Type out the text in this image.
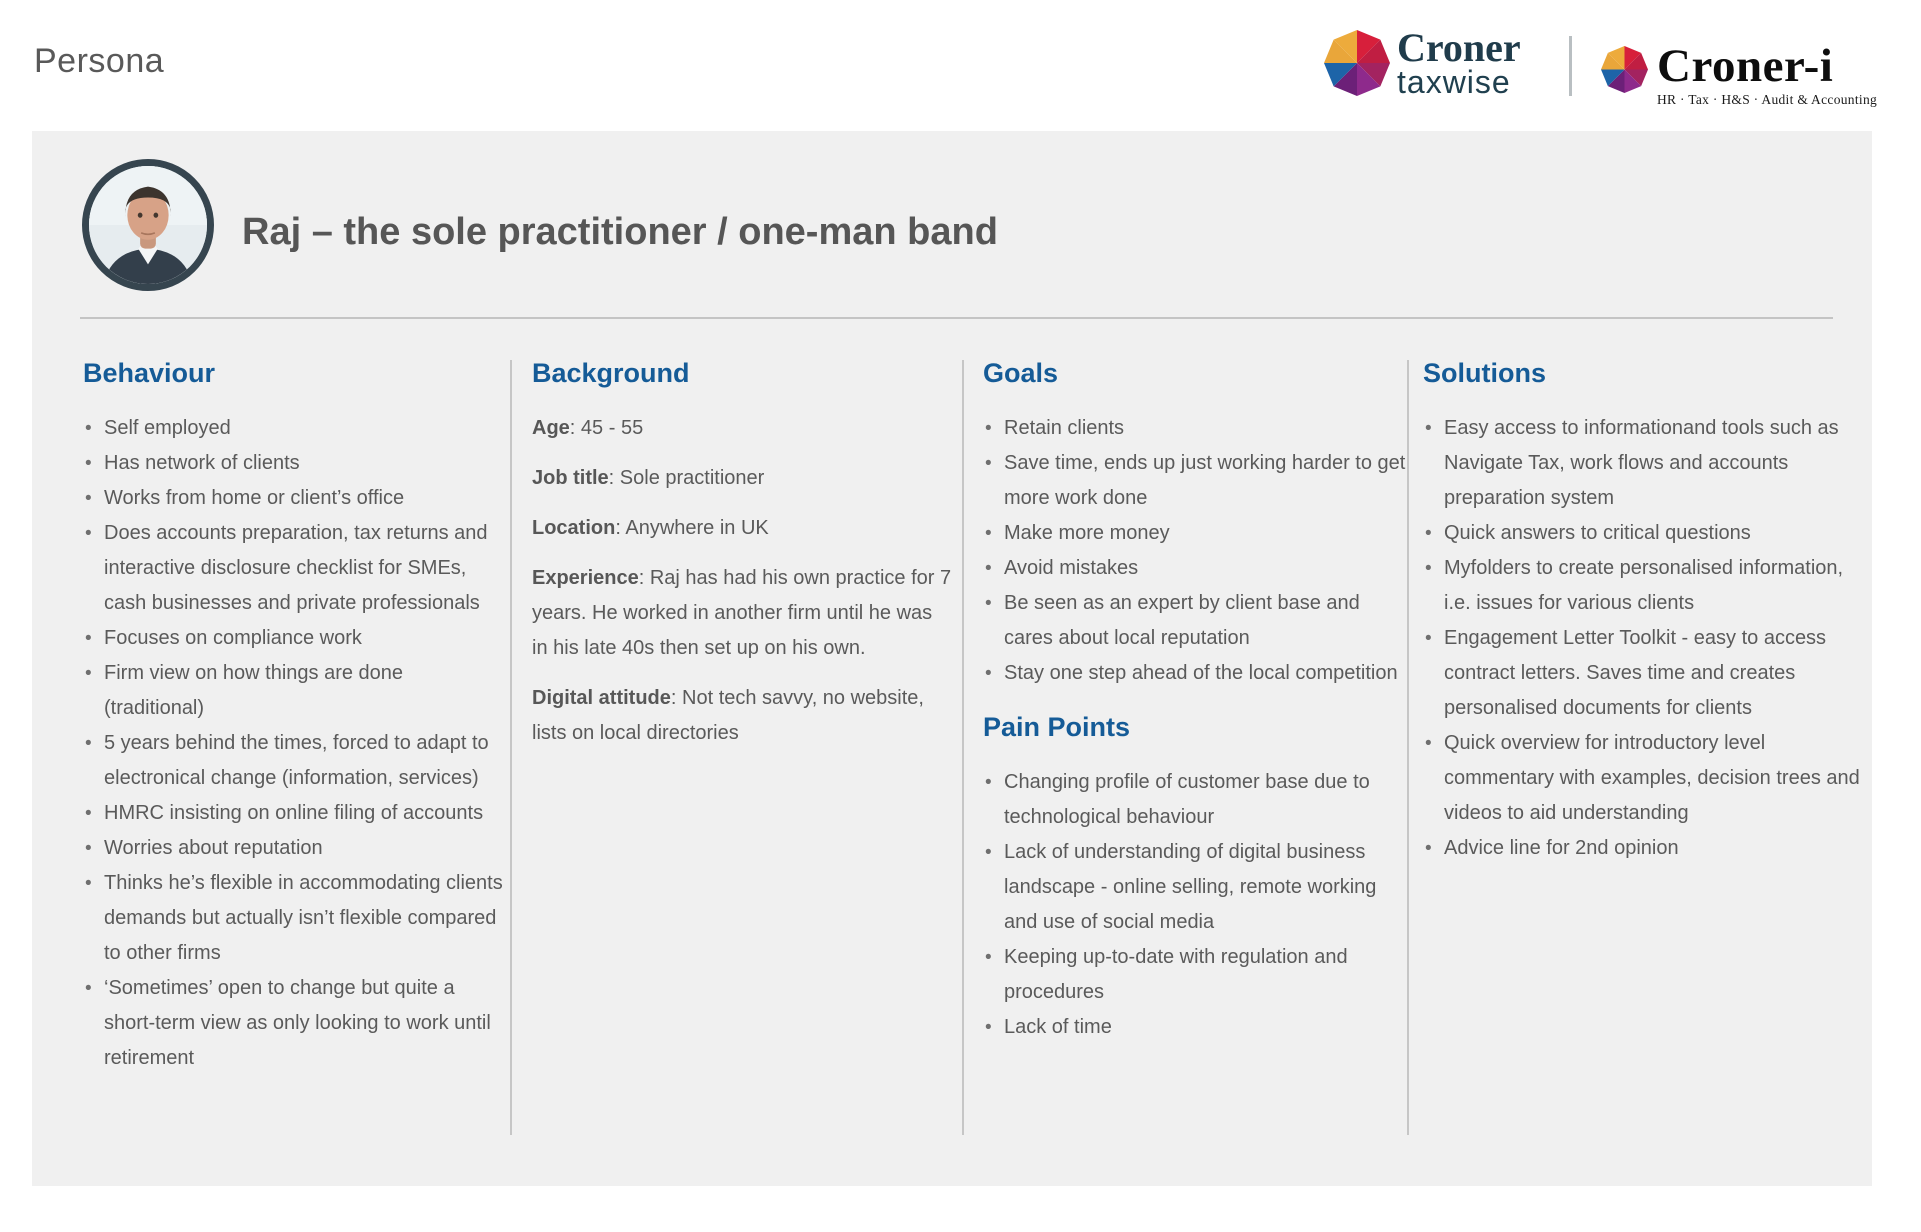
Persona	Croner
taxwise	Croner-i
HR · Tax · H&S · Audit & Accounting
Raj – the sole practitioner / one-man band
Behaviour
• Self employed
• Has network of clients
• Works from home or client’s office
• Does accounts preparation, tax returns and interactive disclosure checklist for SMEs, cash businesses and private professionals
• Focuses on compliance work
• Firm view on how things are done (traditional)
• 5 years behind the times, forced to adapt to electronical change (information, services)
• HMRC insisting on online filing of accounts
• Worries about reputation
• Thinks he’s flexible in accommodating clients demands but actually isn’t flexible compared to other firms
• ‘Sometimes’ open to change but quite a short-term view as only looking to work until retirement
Background

Age: 45 - 55

Job title: Sole practitioner

Location: Anywhere in UK

Experience: Raj has had his own practice for 7 years. He worked in another firm until he was in his late 40s then set up on his own.

Digital attitude: Not tech savvy, no website, lists on local directories

Goals
• Retain clients
• Save time, ends up just working harder to get more work done
• Make more money
• Avoid mistakes
• Be seen as an expert by client base and cares about local reputation
• Stay one step ahead of the local competition
Pain Points
• Changing profile of customer base due to technological behaviour
• Lack of understanding of digital business landscape - online selling, remote working and use of social media
• Keeping up-to-date with regulation and procedures
• Lack of time
Solutions
• Easy access to informationand tools such as Navigate Tax, work flows and accounts preparation system
• Quick answers to critical questions
• Myfolders to create personalised information, i.e. issues for various clients
• Engagement Letter Toolkit - easy to access contract letters. Saves time and creates personalised documents for clients
• Quick overview for introductory level commentary with examples, decision trees and videos to aid understanding
• Advice line for 2nd opinion
